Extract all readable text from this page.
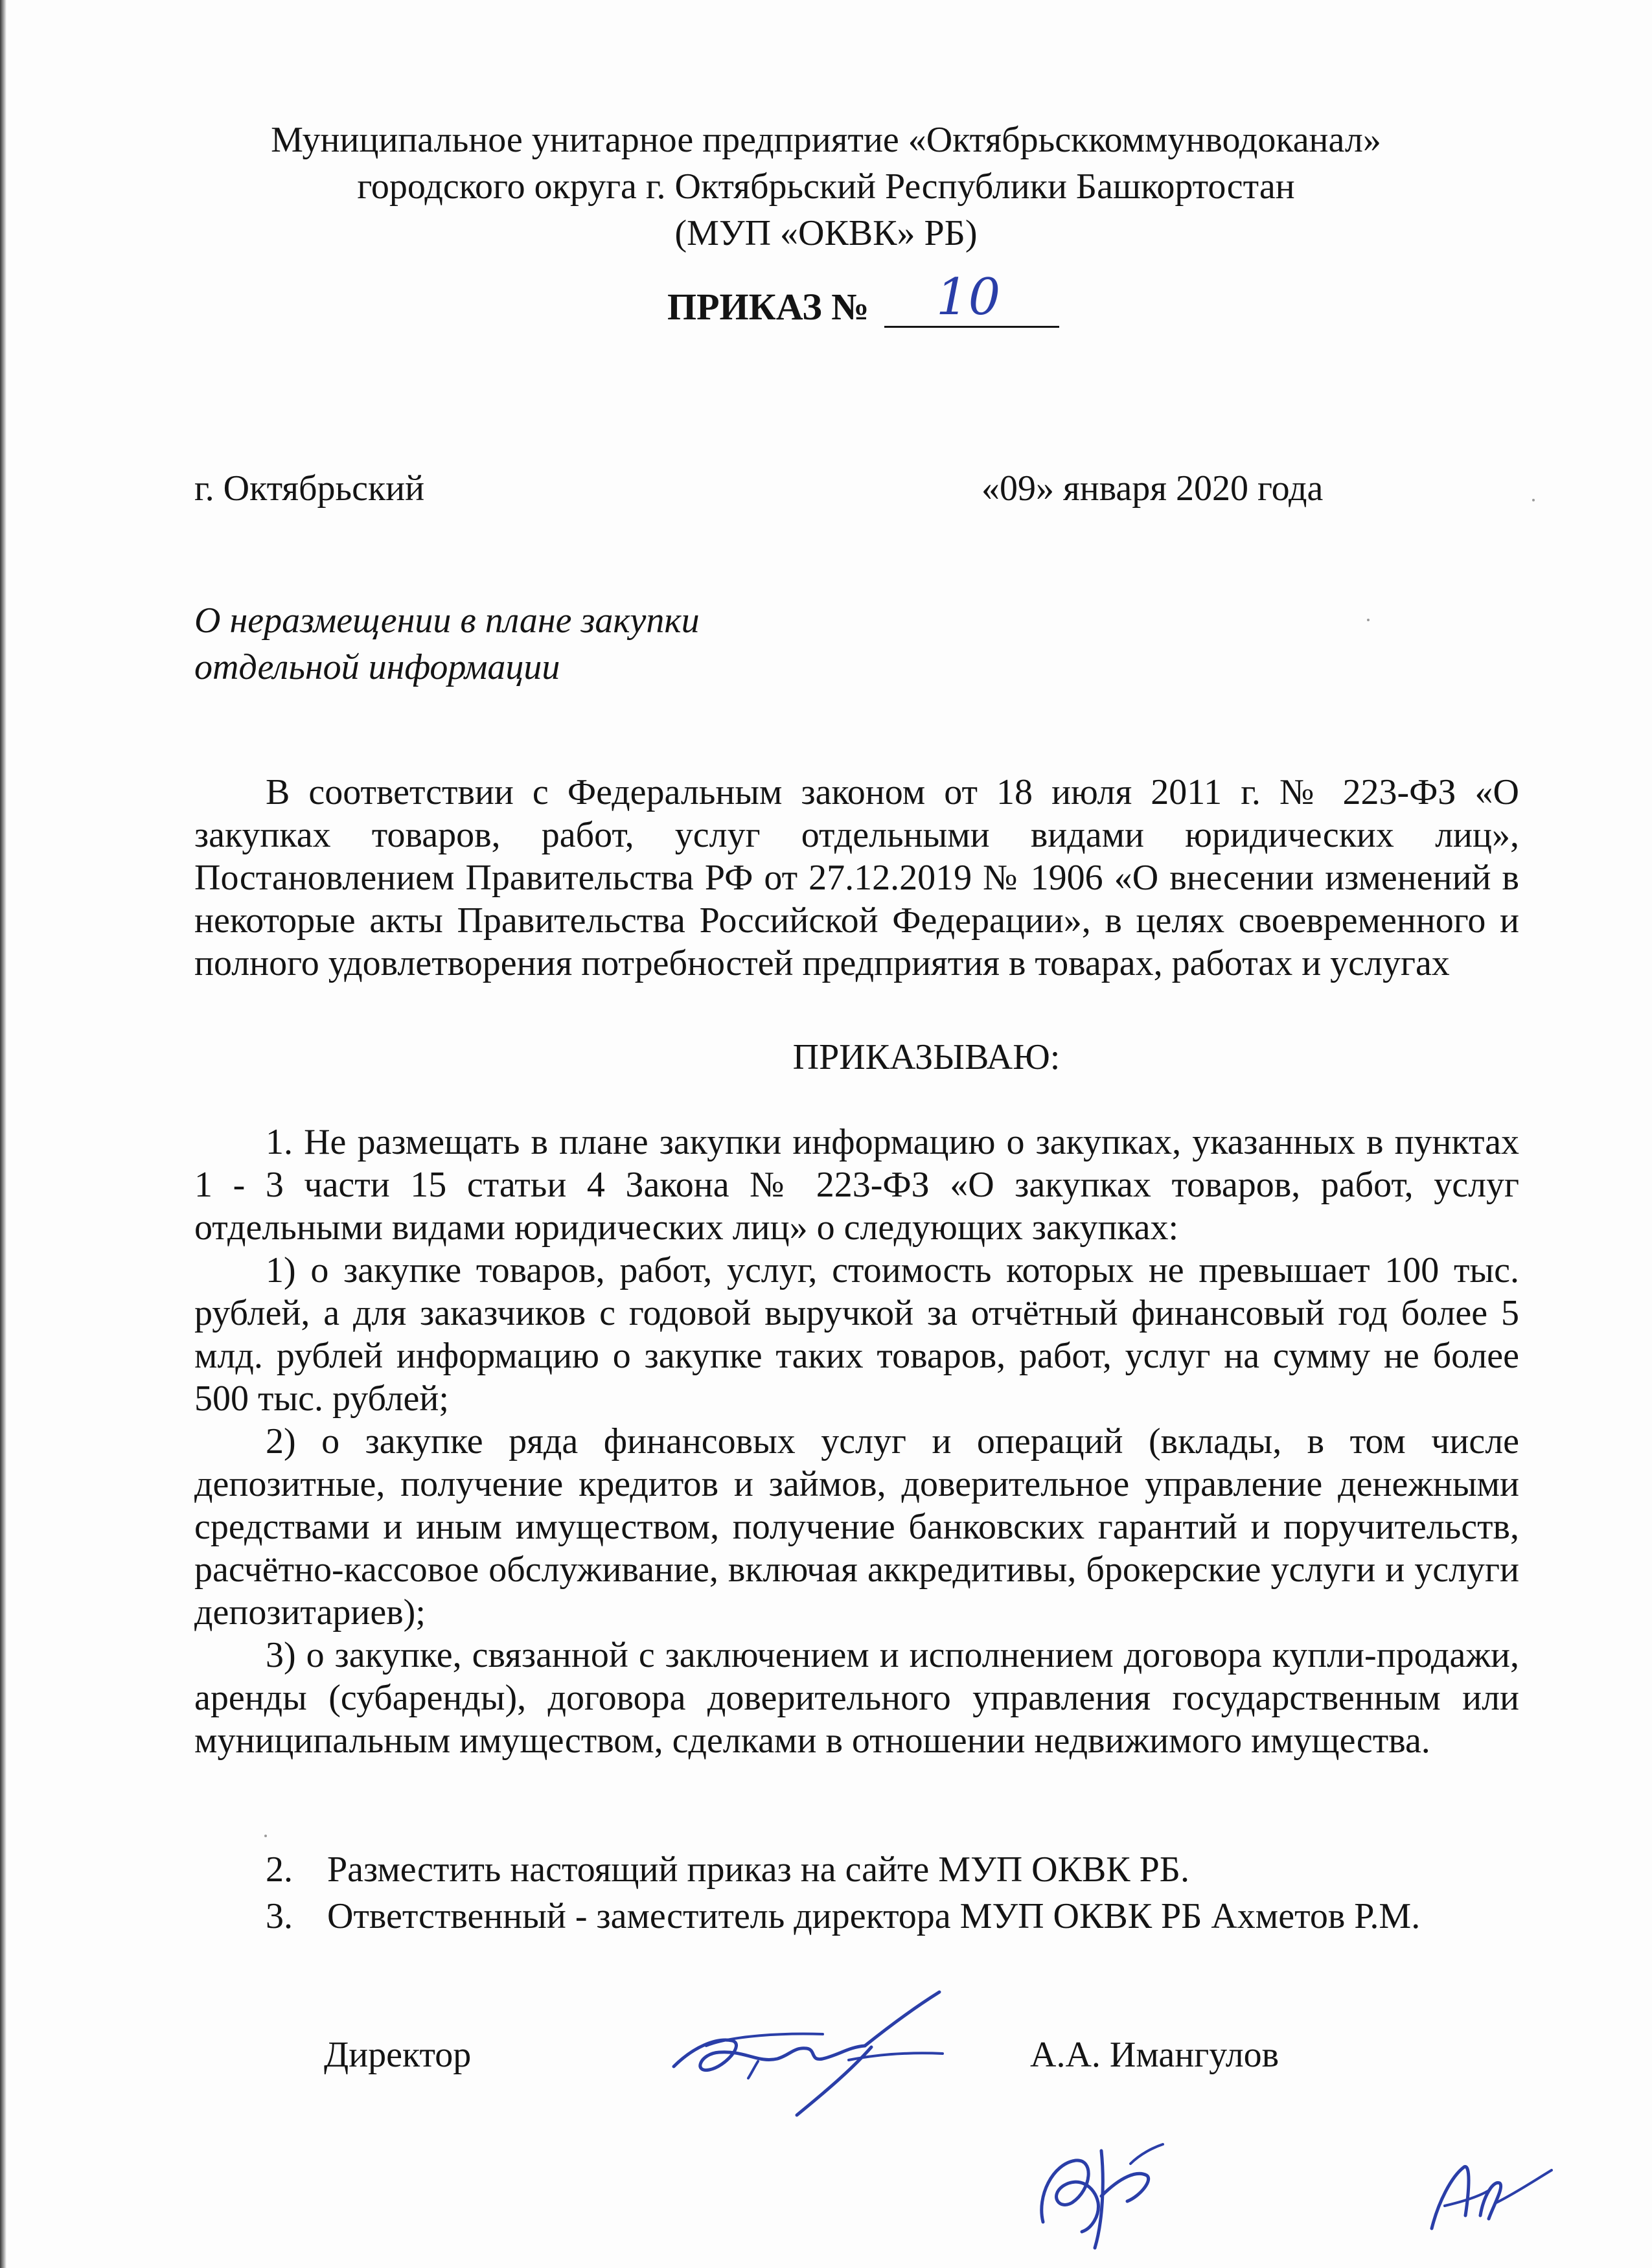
Муниципальное унитарное предприятие «Октябрьсккоммунводоканал»
городского округа г. Октябрьский Республики Башкортостан
(МУП «ОКВК» РБ)
ПРИКАЗ № 10
г. Октябрьский	«09» января 2020 года
О неразмещении в плане закупки
отдельной информации

В соответствии с Федеральным законом от 18 июля 2011 г. № 223-ФЗ «О закупках товаров, работ, услуг отдельными видами юридических лиц», Постановлением Правительства РФ от 27.12.2019 № 1906 «О внесении изменений в некоторые акты Правительства Российской Федерации», в целях своевременного и полного удовлетворения потребностей предприятия в товарах, работах и услугах

ПРИКАЗЫВАЮ:

1. Не размещать в плане закупки информацию о закупках, указанных в пунктах 1 - 3 части 15 статьи 4 Закона № 223-ФЗ «О закупках товаров, работ, услуг отдельными видами юридических лиц» о следующих закупках:

1) о закупке товаров, работ, услуг, стоимость которых не превышает 100 тыс. рублей, а для заказчиков с годовой выручкой за отчётный финансовый год более 5 млд. рублей информацию о закупке таких товаров, работ, услуг на сумму не более 500 тыс. рублей;

2) о закупке ряда финансовых услуг и операций (вклады, в том числе депозитные, получение кредитов и займов, доверительное управление денежными средствами и иным имуществом, получение банковских гарантий и поручительств, расчётно-кассовое обслуживание, включая аккредитивы, брокерские услуги и услуги депозитариев);

3) о закупке, связанной с заключением и исполнением договора купли-продажи, аренды (субаренды), договора доверительного управления государственным или муниципальным имуществом, сделками в отношении недвижимого имущества.

2. Разместить настоящий приказ на сайте МУП ОКВК РБ.
3. Ответственный - заместитель директора МУП ОКВК РБ Ахметов Р.М.
Директор	А.А. Имангулов
